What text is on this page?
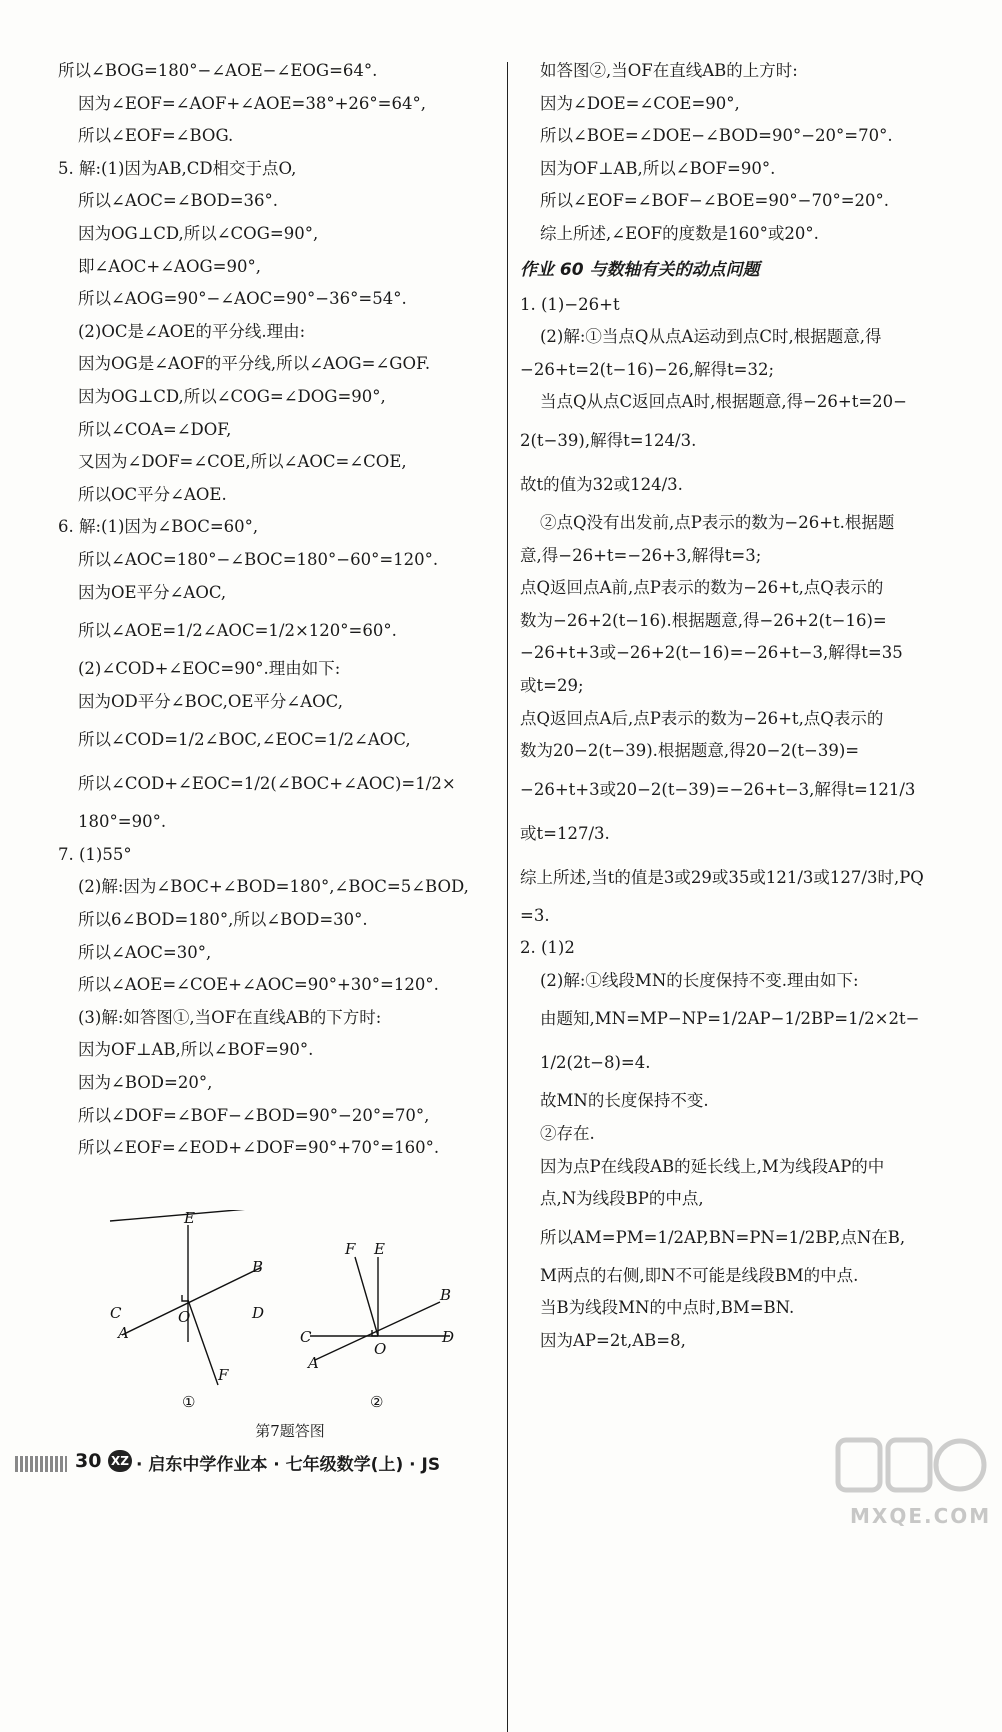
所以∠BOG=180°−∠AOE−∠EOG=64°.
因为∠EOF=∠AOF+∠AOE=38°+26°=64°,
所以∠EOF=∠BOG.
5. 解:(1)因为AB,CD相交于点O,
所以∠AOC=∠BOD=36°.
因为OG⊥CD,所以∠COG=90°,
即∠AOC+∠AOG=90°,
所以∠AOG=90°−∠AOC=90°−36°=54°.
(2)OC是∠AOE的平分线.理由:
因为OG是∠AOF的平分线,所以∠AOG=∠GOF.
因为OG⊥CD,所以∠COG=∠DOG=90°,
所以∠COA=∠DOF,
又因为∠DOF=∠COE,所以∠AOC=∠COE,
所以OC平分∠AOE.
6. 解:(1)因为∠BOC=60°,
所以∠AOC=180°−∠BOC=180°−60°=120°.
因为OE平分∠AOC,
所以∠AOE=1/2∠AOC=1/2×120°=60°.
(2)∠COD+∠EOC=90°.理由如下:
因为OD平分∠BOC,OE平分∠AOC,
所以∠COD=1/2∠BOC,∠EOC=1/2∠AOC,
所以∠COD+∠EOC=1/2(∠BOC+∠AOC)=1/2×
180°=90°.
7. (1)55°
(2)解:因为∠BOC+∠BOD=180°,∠BOC=5∠BOD,
所以6∠BOD=180°,所以∠BOD=30°.
所以∠AOC=30°,
所以∠AOE=∠COE+∠AOC=90°+30°=120°.
(3)解:如答图①,当OF在直线AB的下方时:
因为OF⊥AB,所以∠BOF=90°.
因为∠BOD=20°,
所以∠DOF=∠BOF−∠BOD=90°−20°=70°,
所以∠EOF=∠EOD+∠DOF=90°+70°=160°.
E
B
C	D
O
A
F
①
F E
B
C
O
D
A
②
第7题答图
如答图②,当OF在直线AB的上方时:
因为∠DOE=∠COE=90°,
所以∠BOE=∠DOE−∠BOD=90°−20°=70°.
因为OF⊥AB,所以∠BOF=90°.
所以∠EOF=∠BOF−∠BOE=90°−70°=20°.
综上所述,∠EOF的度数是160°或20°.
作业 60 与数轴有关的动点问题
1. (1)−26+t
(2)解:①当点Q从点A运动到点C时,根据题意,得
−26+t=2(t−16)−26,解得t=32;
当点Q从点C返回点A时,根据题意,得−26+t=20−
2(t−39),解得t=124/3.
故t的值为32或124/3.
②点Q没有出发前,点P表示的数为−26+t.根据题
意,得−26+t=−26+3,解得t=3;
点Q返回点A前,点P表示的数为−26+t,点Q表示的
数为−26+2(t−16).根据题意,得−26+2(t−16)=
−26+t+3或−26+2(t−16)=−26+t−3,解得t=35
或t=29;
点Q返回点A后,点P表示的数为−26+t,点Q表示的
数为20−2(t−39).根据题意,得20−2(t−39)=
−26+t+3或20−2(t−39)=−26+t−3,解得t=121/3
或t=127/3.
综上所述,当t的值是3或29或35或121/3或127/3时,PQ
=3.
2. (1)2
(2)解:①线段MN的长度保持不变.理由如下:
由题知,MN=MP−NP=1/2AP−1/2BP=1/2×2t−
1/2(2t−8)=4.
故MN的长度保持不变.
②存在.
因为点P在线段AB的延长线上,M为线段AP的中
点,N为线段BP的中点,
所以AM=PM=1/2AP,BN=PN=1/2BP,点N在B,
M两点的右侧,即N不可能是线段BM的中点.
当B为线段MN的中点时,BM=BN.
因为AP=2t,AB=8,
30 XZ · 启东中学作业本 · 七年级数学(上) · JS
MXQE.COM
